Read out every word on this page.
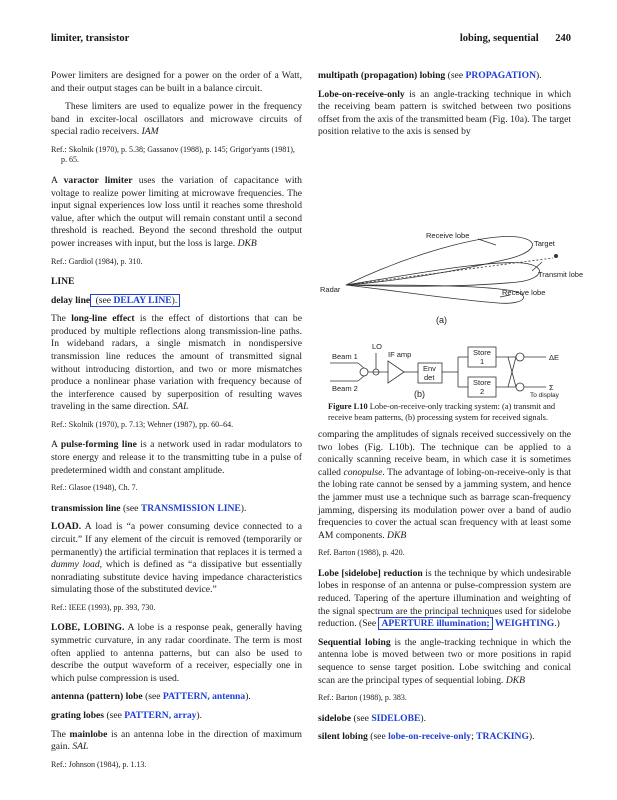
limiter, transistor	lobing, sequential 240

Power limiters are designed for a power on the order of a Watt, and their output stages can be built in a balance circuit.

These limiters are used to equalize power in the frequency band in exciter-local oscillators and microwave circuits of special radio receivers. IAM

Ref.: Skolnik (1970), p. 5.38; Gassanov (1988), p. 145; Grigor'yants (1981),
p. 65.

A varactor limiter uses the variation of capacitance with voltage to realize power limiting at microwave frequencies. The input signal experiences low loss until it reaches some threshold value, after which the output will remain constant until a second threshold is reached. Beyond the second threshold the output power increases with input, but the loss is large. DKB

Ref.: Gardiol (1984), p. 310.
LINE
delay line (see DELAY LINE).

The long-line effect is the effect of distortions that can be produced by multiple reflections along transmission-line paths. In wideband radars, a single mismatch in nondispersive transmission line reduces the amount of transmitted signal without introducing distortion, and two or more mismatches produce a nonlinear phase variation with frequency because of the interference caused by superposition of resulting waves traveling in the same direction. SAL

Ref.: Skolnik (1970), p. 7.13; Wehner (1987), pp. 60–64.

A pulse-forming line is a network used in radar modulators to store energy and release it to the transmitting tube in a pulse of predetermined width and constant amplitude.

Ref.: Glasoe (1948), Ch. 7.
transmission line (see TRANSMISSION LINE).

LOAD. A load is “a power consuming device connected to a circuit.” If any element of the circuit is removed (temporarily or permanently) the artificial termination that replaces it is termed a dummy load, which is defined as “a dissipative but essentially nonradiating substitute device having impedance characteristics simulating those of the substituted device.”

Ref.: IEEE (1993), pp. 393, 730.

LOBE, LOBING. A lobe is a response peak, generally having symmetric curvature, in any radar coordinate. The term is most often applied to antenna patterns, but can also be used to describe the output waveform of a receiver, especially one in which pulse compression is used.

antenna (pattern) lobe (see PATTERN, antenna).
grating lobes (see PATTERN, array).

The mainlobe is an antenna lobe in the direction of maximum gain. SAL

Ref.: Johnson (1984), p. 1.13.
multipath (propagation) lobing (see PROPAGATION).

Lobe-on-receive-only is an angle-tracking technique in which the receiving beam pattern is switched between two positions offset from the axis of the transmitted beam (Fig. 10a). The target position relative to the axis is sensed by

Receive lobe
Target
Transmit lobe
Receive lobe
Radar
(a)
LO
Beam 1
Beam 2
IF amp
Env
det
Store
1
Store
2
ΔE
Σ
To display
(b)
Figure L10 Lobe-on-receive-only tracking system: (a) transmit and receive beam patterns, (b) processing system for received signals.

comparing the amplitudes of signals received successively on the two lobes (Fig. L10b). The technique can be applied to a conically scanning receive beam, in which case it is sometimes called conopulse. The advantage of lobing-on-receive-only is that the lobing rate cannot be sensed by a jamming system, and hence the jammer must use a technique such as barrage scan-frequency jamming, dispersing its modulation power over a band of audio frequencies to cover the actual scan frequency with at least some AM components. DKB

Ref. Barton (1988), p. 420.

Lobe [sidelobe] reduction is the technique by which undesirable lobes in response of an antenna or pulse-compression system are reduced. Tapering of the aperture illumination and weighting of the signal spectrum are the principal techniques used for sidelobe reduction. (See APERTURE illumination; WEIGHTING.)

Sequential lobing is the angle-tracking technique in which the antenna lobe is moved between two or more positions in rapid sequence to sense target position. Lobe switching and conical scan are the principal types of sequential lobing. DKB

Ref.: Barton (1988), p. 383.
sidelobe (see SIDELOBE).
silent lobing (see lobe-on-receive-only; TRACKING).
